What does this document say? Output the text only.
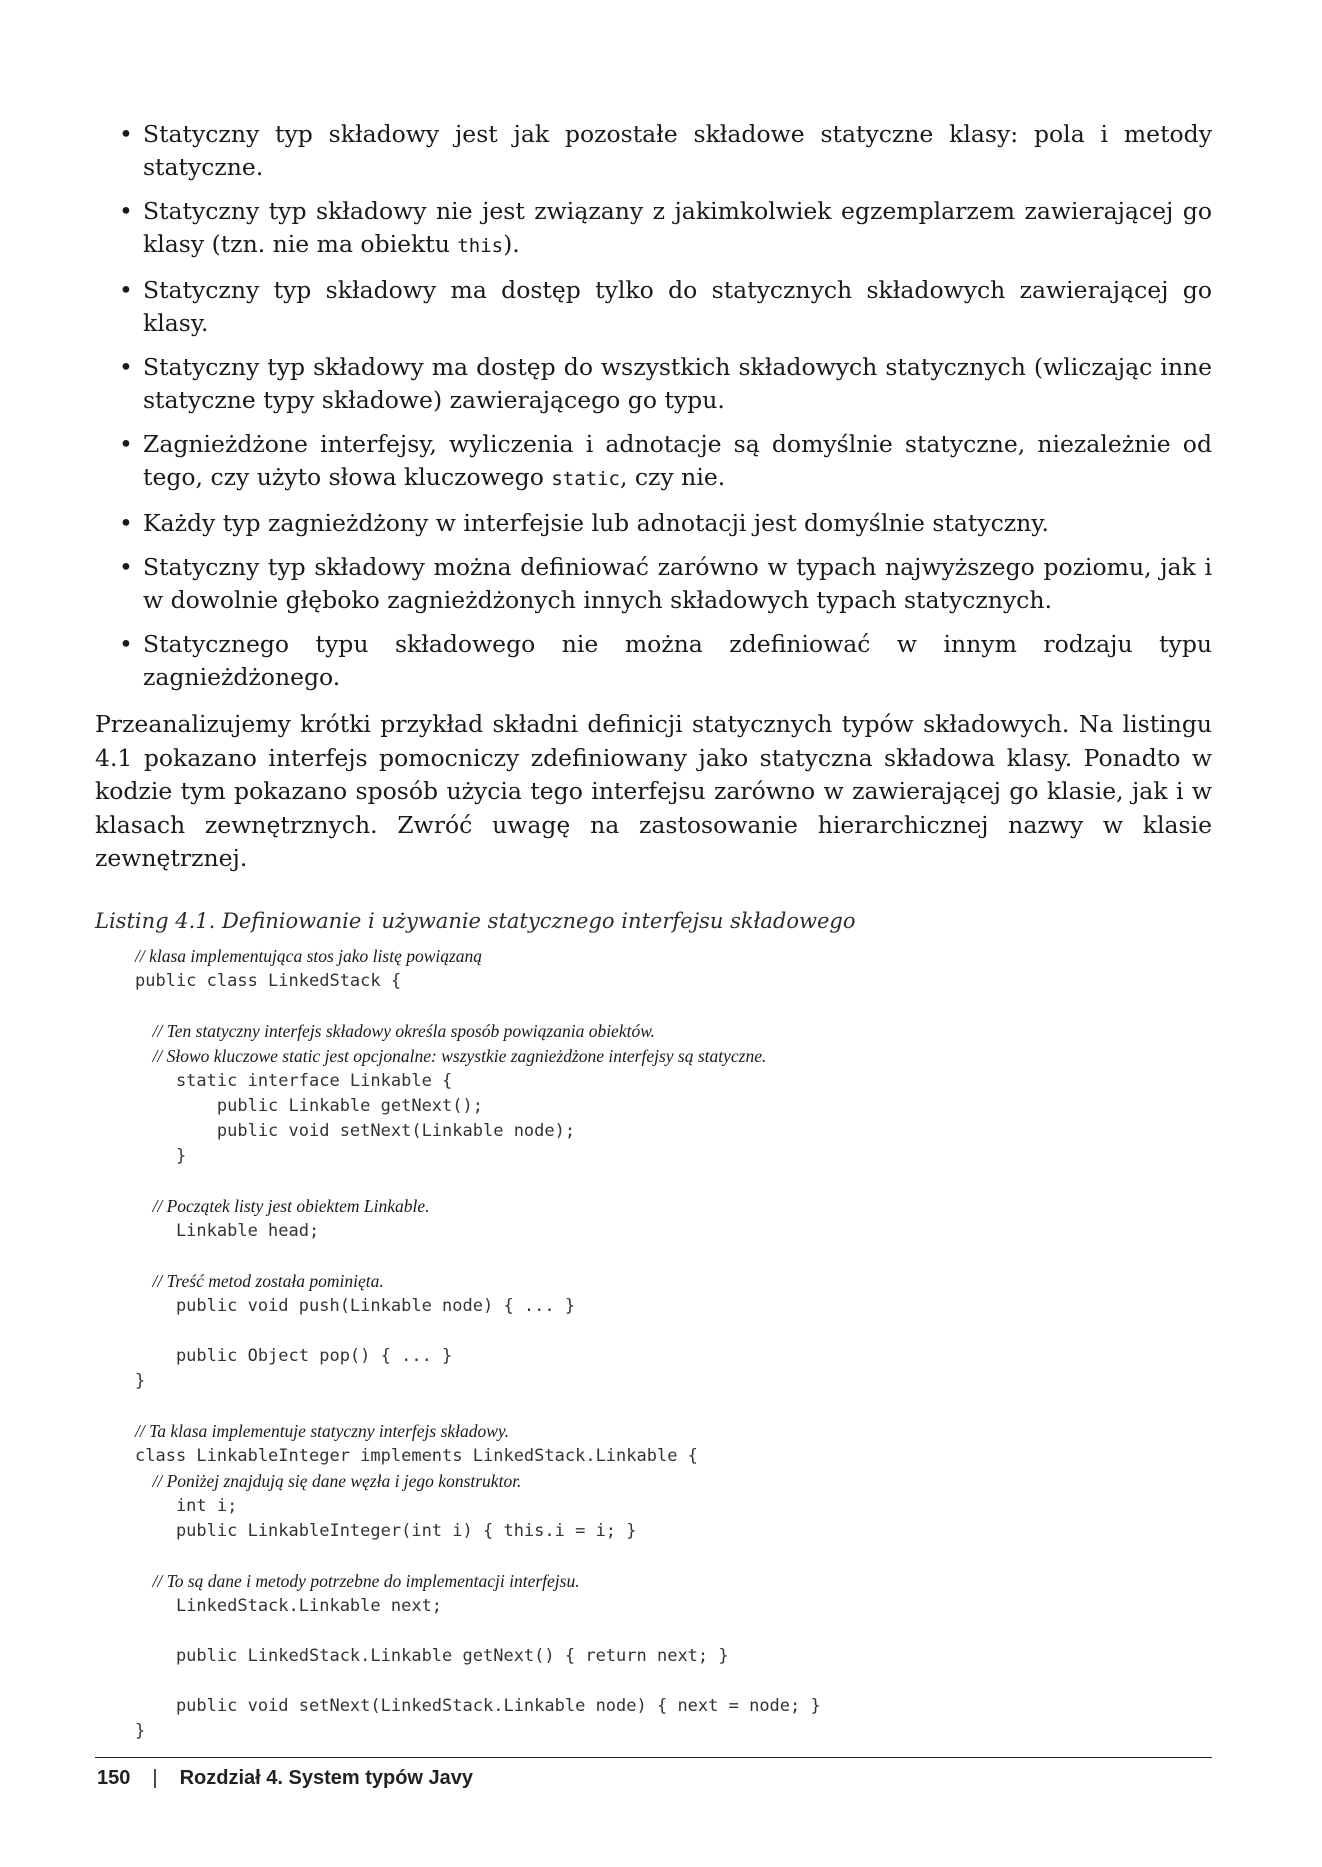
• Statyczny typ składowy jest jak pozostałe składowe statyczne klasy: pola i metody statyczne.
• Statyczny typ składowy nie jest związany z jakimkolwiek egzemplarzem zawierającej go klasy (tzn. nie ma obiektu this).
• Statyczny typ składowy ma dostęp tylko do statycznych składowych zawierającej go klasy.
• Statyczny typ składowy ma dostęp do wszystkich składowych statycznych (wliczając inne statyczne typy składowe) zawierającego go typu.
• Zagnieżdżone interfejsy, wyliczenia i adnotacje są domyślnie statyczne, niezależnie od tego, czy użyto słowa kluczowego static, czy nie.
• Każdy typ zagnieżdżony w interfejsie lub adnotacji jest domyślnie statyczny.
• Statyczny typ składowy można definiować zarówno w typach najwyższego poziomu, jak i w dowolnie głęboko zagnieżdżonych innych składowych typach statycznych.
• Statycznego typu składowego nie można zdefiniować w innym rodzaju typu zagnieżdżonego.

Przeanalizujemy krótki przykład składni definicji statycznych typów składowych. Na listingu 4.1 pokazano interfejs pomocniczy zdefiniowany jako statyczna składowa klasy. Ponadto w kodzie tym pokazano sposób użycia tego interfejsu zarówno w zawierającej go klasie, jak i w klasach zewnętrznych. Zwróć uwagę na zastosowanie hierarchicznej nazwy w klasie zewnętrznej.

Listing 4.1. Definiowanie i używanie statycznego interfejsu składowego
// klasa implementująca stos jako listę powiązaną
public class LinkedStack {
// Ten statyczny interfejs składowy określa sposób powiązania obiektów.
// Słowo kluczowe static jest opcjonalne: wszystkie zagnieżdżone interfejsy są statyczne.
static interface Linkable {
public Linkable getNext();
public void setNext(Linkable node);
}
// Początek listy jest obiektem Linkable.
Linkable head;
// Treść metod została pominięta.
public void push(Linkable node) { ... }
public Object pop() { ... }
}
// Ta klasa implementuje statyczny interfejs składowy.
class LinkableInteger implements LinkedStack.Linkable {
// Poniżej znajdują się dane węzła i jego konstruktor.
int i;
public LinkableInteger(int i) { this.i = i; }
// To są dane i metody potrzebne do implementacji interfejsu.
LinkedStack.Linkable next;
public LinkedStack.Linkable getNext() { return next; }
public void setNext(LinkedStack.Linkable node) { next = node; }
}
150 | Rozdział 4. System typów Javy
